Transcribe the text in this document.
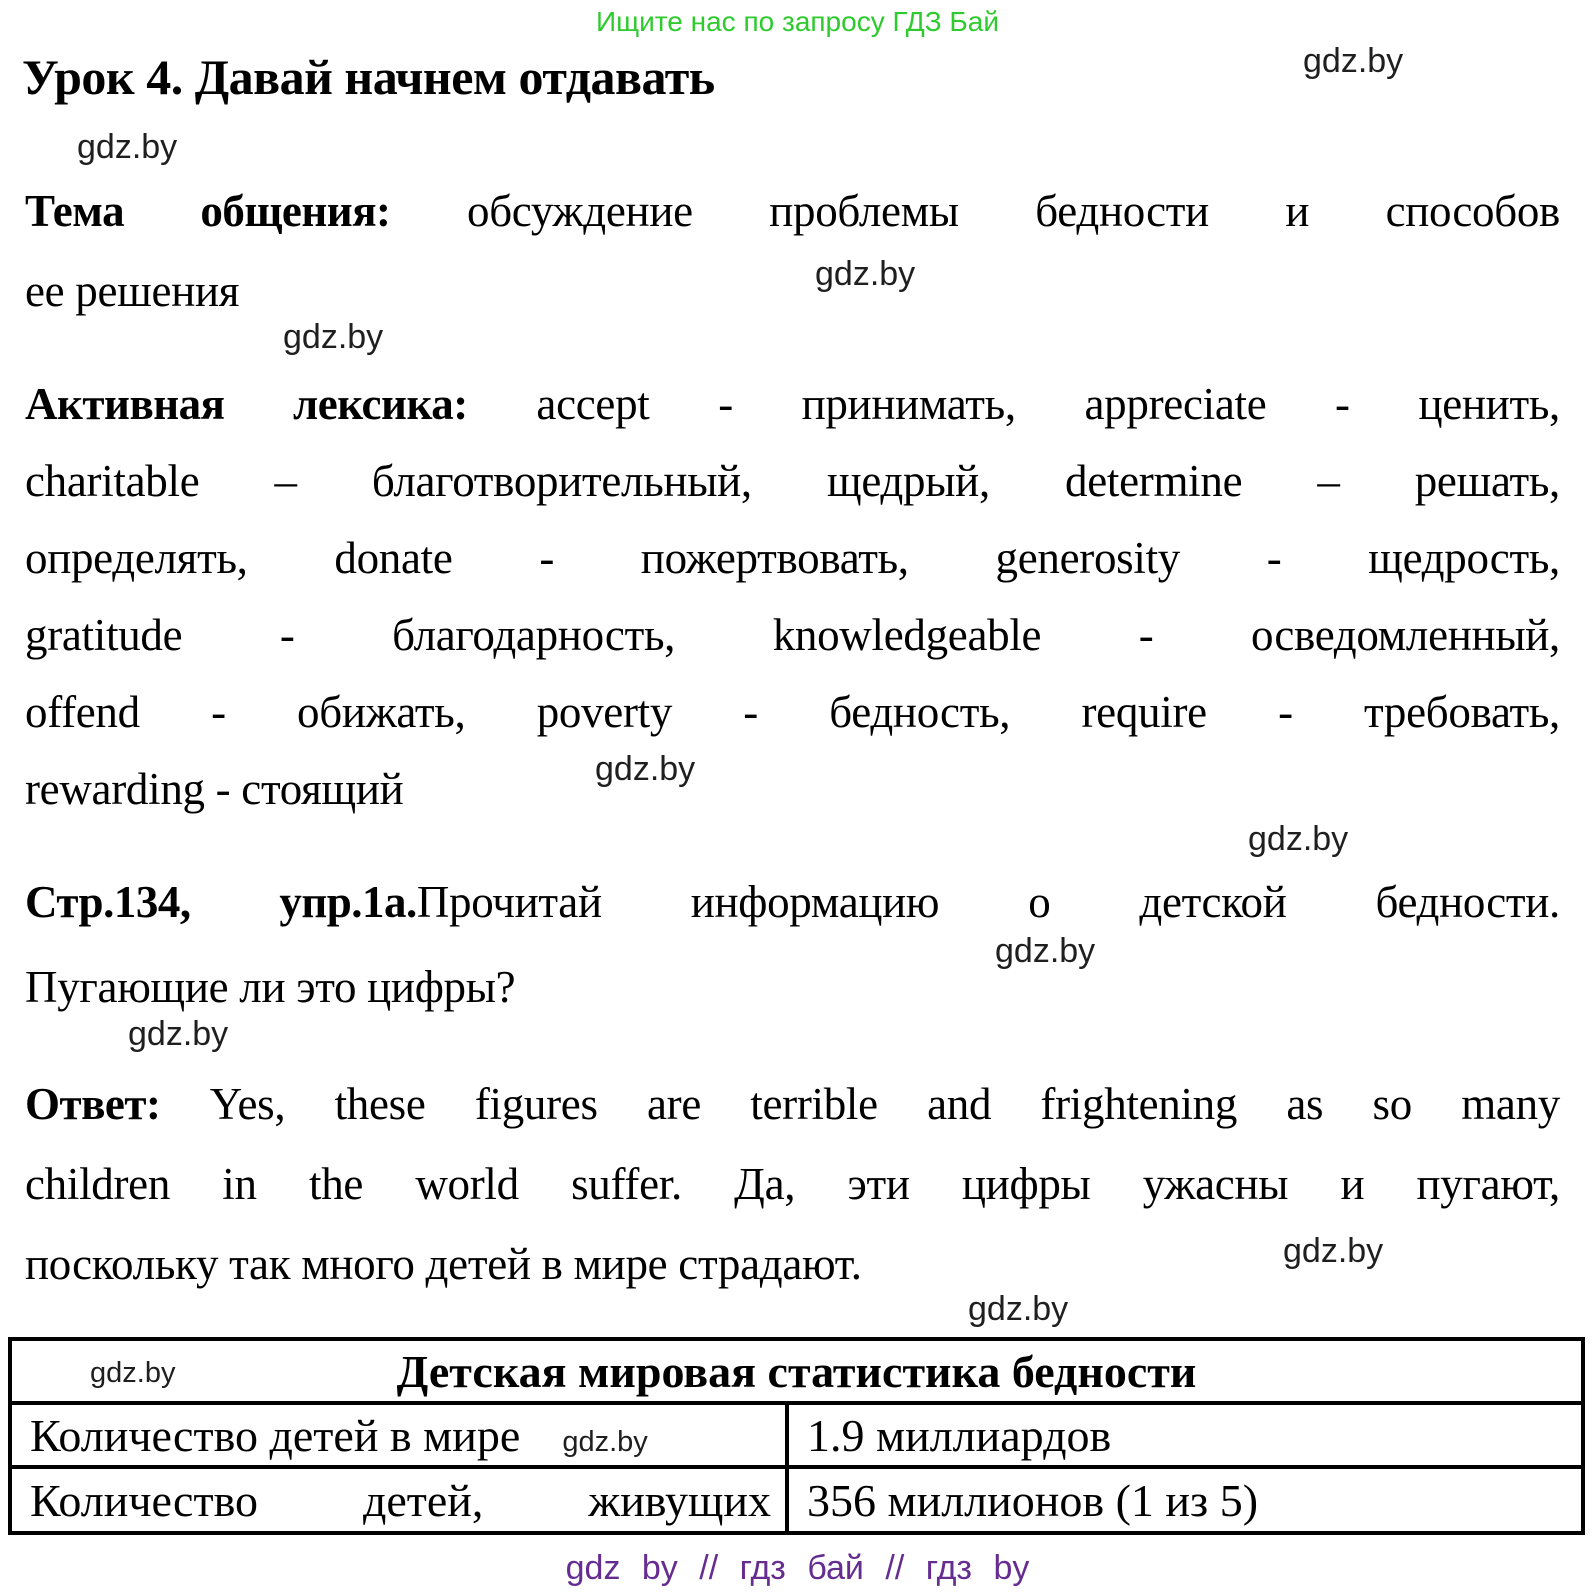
Ищите нас по запросу ГДЗ Бай
Урок 4. Давай начнем отдавать
Тема общения: обсуждение проблемы бедности и способов
ее решения
Активная лексика: accept - принимать, appreciate - ценить,
charitable – благотворительный, щедрый, determine – решать,
определять, donate - пожертвовать, generosity - щедрость,
gratitude - благодарность, knowledgeable - осведомленный,
offend - обижать, poverty - бедность, require - требовать,
rewarding - стоящий
Стр.134, упр.1а.Прочитай информацию о детской бедности.
Пугающие ли это цифры?
Ответ: Yes, these figures are terrible and frightening as so many
children in the world suffer. Да, эти цифры ужасны и пугают,
поскольку так много детей в мире страдают.
gdz.by
gdz.by
gdz.by
gdz.by
gdz.by
gdz.by
gdz.by
gdz.by
gdz.by
gdz.by
gdz.by Детская мировая статистика бедности	
Количество детей в мире gdz.by	1.9 миллиардов

Количество детей, живущих	356 миллионов (1 из 5)
gdz by // гдз бай // гдз by
